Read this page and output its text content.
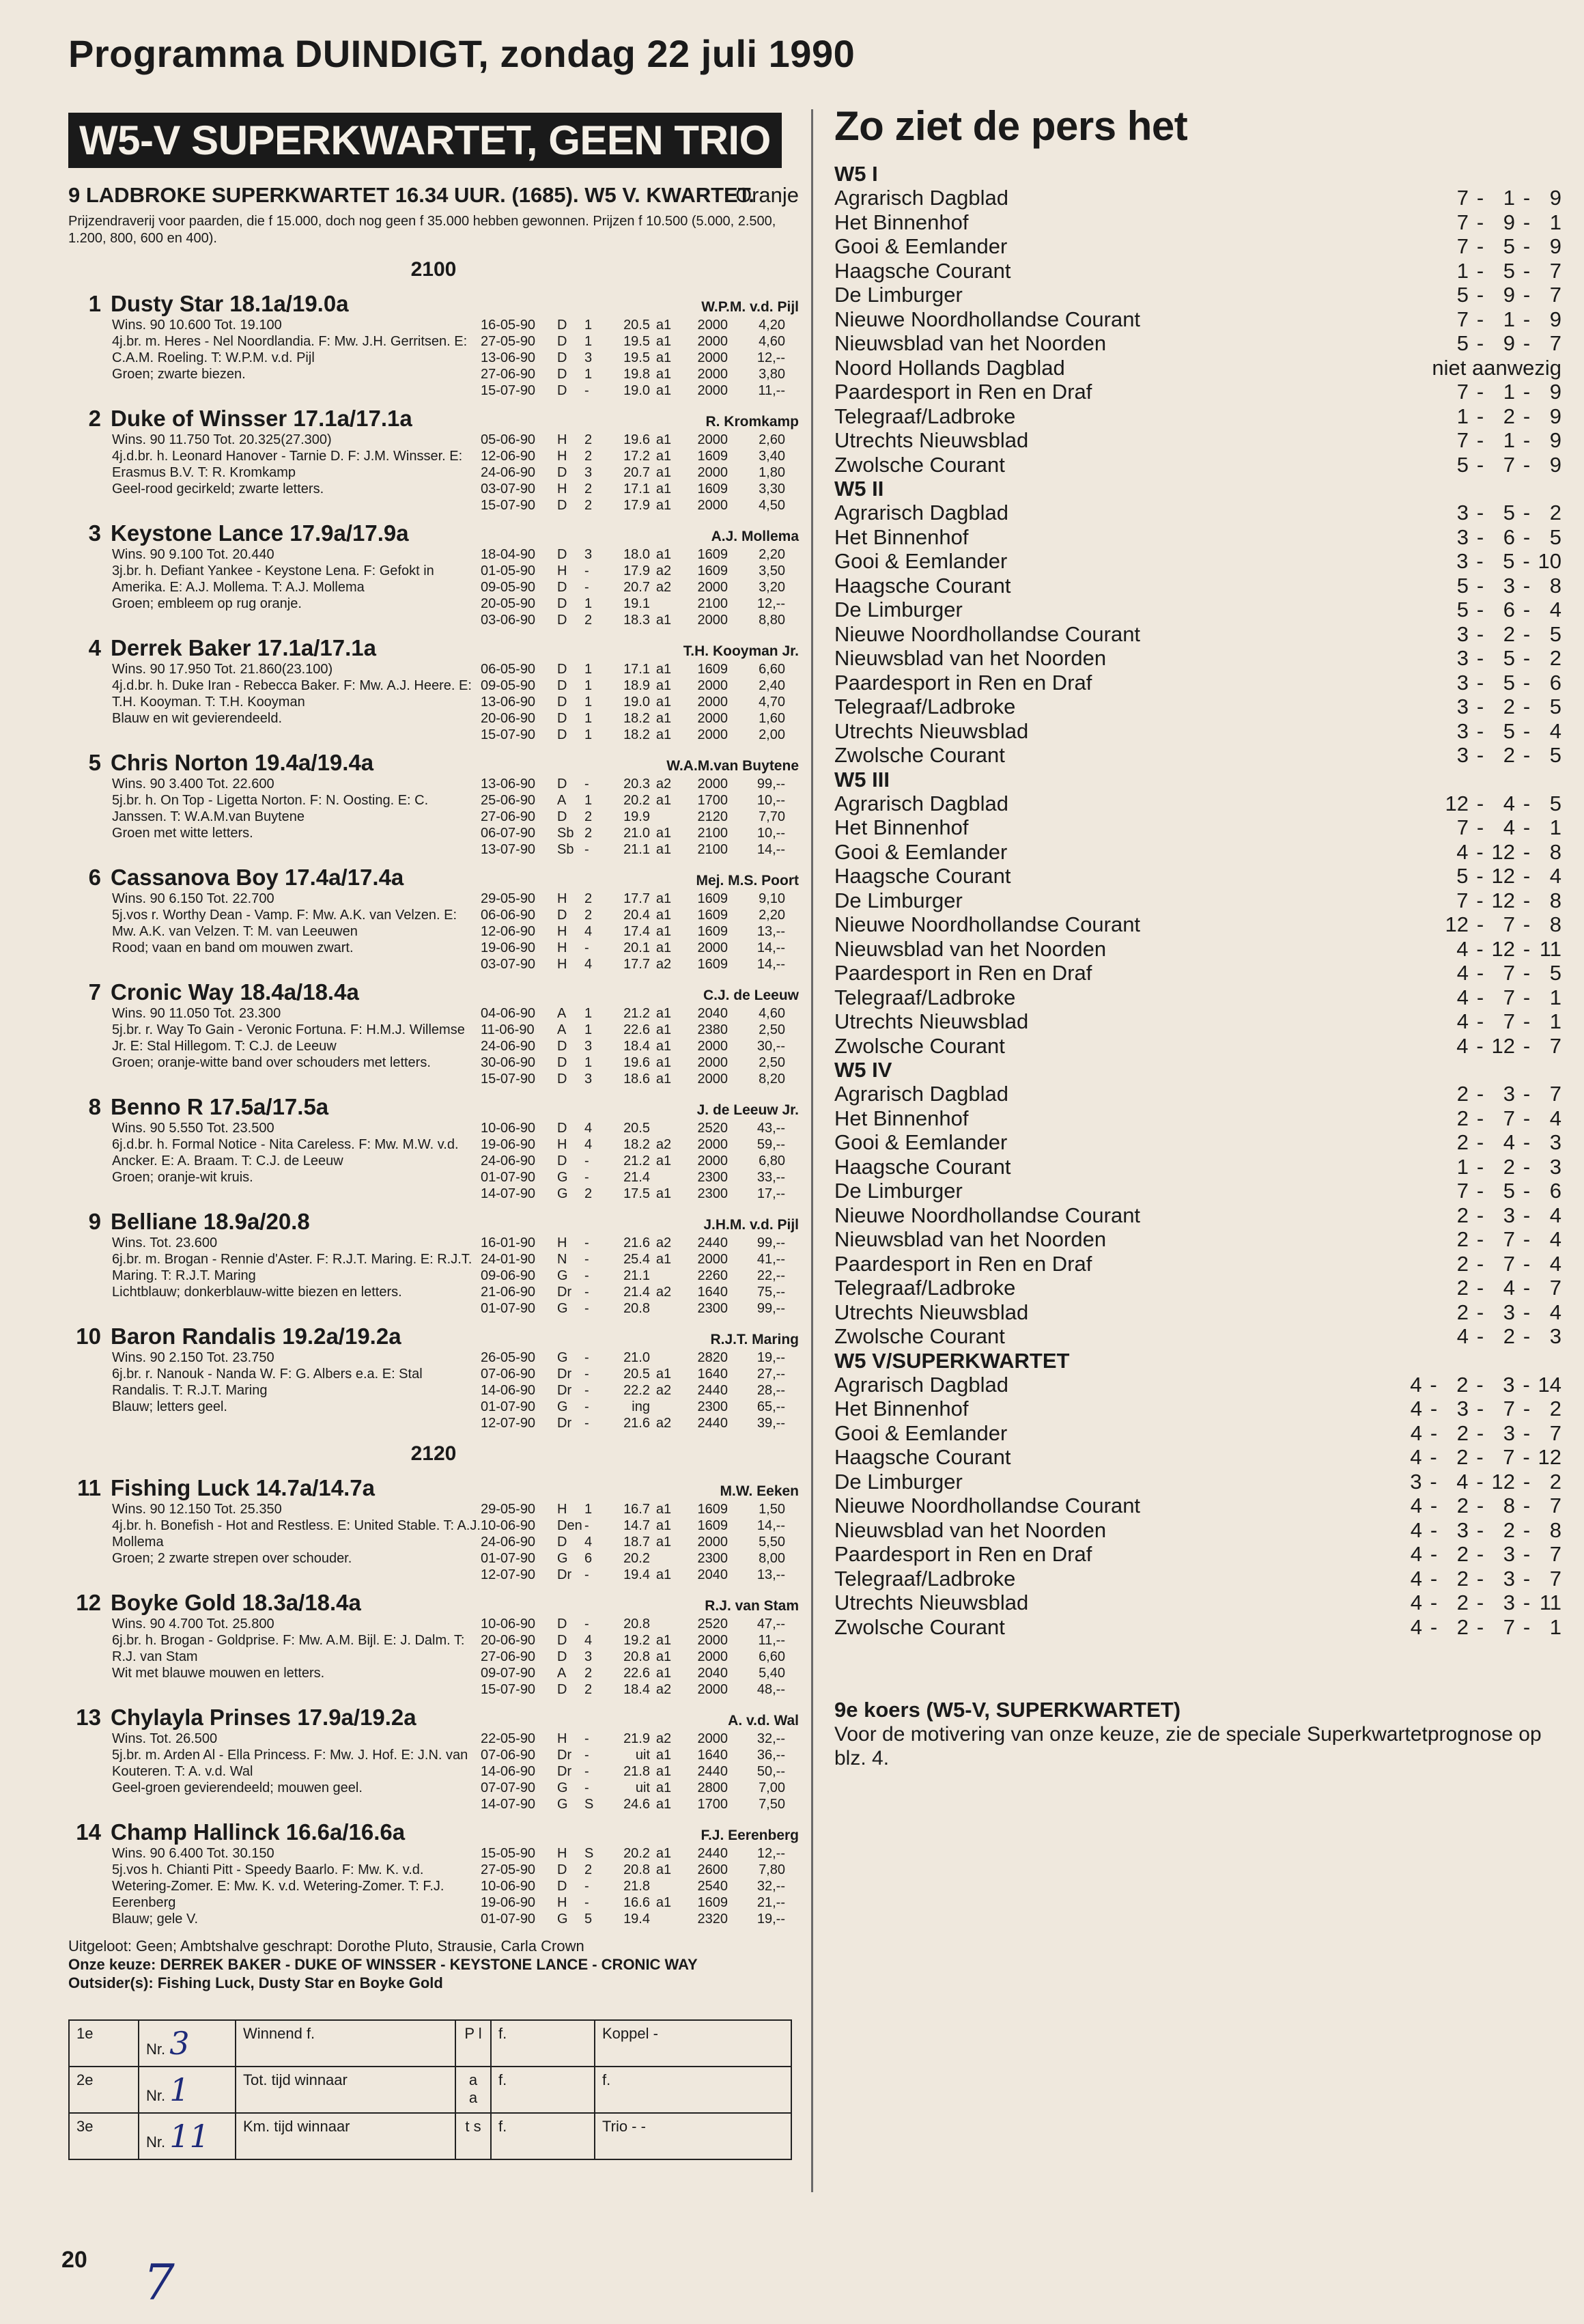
Programma DUINDIGT, zondag 22 juli 1990
W5-V SUPERKWARTET, GEEN TRIO
9 LADBROKE SUPERKWARTET 16.34 UUR. (1685). W5 V. KWARTET.
Oranje
Prijzendraverij voor paarden, die f 15.000, doch nog geen f 35.000 hebben gewonnen. Prijzen f 10.500 (5.000, 2.500, 1.200, 800, 600 en 400).
2100
1 Dusty Star 18.1a/19.0a	W.P.M. v.d. Pijl
Wins. 90 10.600 Tot. 19.100
4j.br. m. Heres - Nel Noordlandia. F: Mw. J.H. Gerritsen. E: C.A.M. Roeling. T: W.P.M. v.d. Pijl
Groen; zwarte biezen.
16-05-90	D	1	20.5 a1	2000	4,20
27-05-90	D	1	19.5 a1	2000	4,60
13-06-90	D	3	19.5 a1	2000	12,--
27-06-90	D	1	19.8 a1	2000	3,80
15-07-90	D	-	19.0 a1	2000	11,--
2 Duke of Winsser 17.1a/17.1a	R. Kromkamp
Wins. 90 11.750 Tot. 20.325(27.300)
4j.d.br. h. Leonard Hanover - Tarnie D. F: J.M. Winsser. E: Erasmus B.V. T: R. Kromkamp
Geel-rood gecirkeld; zwarte letters.
05-06-90	H	2	19.6 a1	2000	2,60
12-06-90	H	2	17.2 a1	1609	3,40
24-06-90	D	3	20.7 a1	2000	1,80
03-07-90	H	2	17.1 a1	1609	3,30
15-07-90	D	2	17.9 a1	2000	4,50
3 Keystone Lance 17.9a/17.9a	A.J. Mollema
Wins. 90 9.100 Tot. 20.440
3j.br. h. Defiant Yankee - Keystone Lena. F: Gefokt in Amerika. E: A.J. Mollema. T: A.J. Mollema
Groen; embleem op rug oranje.
18-04-90	D	3	18.0 a1	1609	2,20
01-05-90	H	-	17.9 a2	1609	3,50
09-05-90	D	-	20.7 a2	2000	3,20
20-05-90	D	1	19.1	2100	12,--
03-06-90	D	2	18.3 a1	2000	8,80
4 Derrek Baker 17.1a/17.1a	T.H. Kooyman Jr.
Wins. 90 17.950 Tot. 21.860(23.100)
4j.d.br. h. Duke Iran - Rebecca Baker. F: Mw. A.J. Heere. E: T.H. Kooyman. T: T.H. Kooyman
Blauw en wit gevierendeeld.
06-05-90	D	1	17.1 a1	1609	6,60
09-05-90	D	1	18.9 a1	2000	2,40
13-06-90	D	1	19.0 a1	2000	4,70
20-06-90	D	1	18.2 a1	2000	1,60
15-07-90	D	1	18.2 a1	2000	2,00
5 Chris Norton 19.4a/19.4a	W.A.M.van Buytene
Wins. 90 3.400 Tot. 22.600
5j.br. h. On Top - Ligetta Norton. F: N. Oosting. E: C. Janssen. T: W.A.M.van Buytene
Groen met witte letters.
13-06-90	D	-	20.3 a2	2000	99,--
25-06-90	A	1	20.2 a1	1700	10,--
27-06-90	D	2	19.9	2120	7,70
06-07-90	Sb 2	21.0 a1	2100	10,--
13-07-90	Sb -	21.1 a1	2100	14,--
6 Cassanova Boy 17.4a/17.4a	Mej. M.S. Poort
Wins. 90 6.150 Tot. 22.700
5j.vos r. Worthy Dean - Vamp. F: Mw. A.K. van Velzen. E: Mw. A.K. van Velzen. T: M. van Leeuwen
Rood; vaan en band om mouwen zwart.
29-05-90	H	2	17.7 a1	1609	9,10
06-06-90	D	2	20.4 a1	1609	2,20
12-06-90	H	4	17.4 a1	1609	13,--
19-06-90	H	-	20.1 a1	2000	14,--
03-07-90	H	4	17.7 a2	1609	14,--
7 Cronic Way 18.4a/18.4a	C.J. de Leeuw
Wins. 90 11.050 Tot. 23.300
5j.br. r. Way To Gain - Veronic Fortuna. F: H.M.J. Willemse Jr. E: Stal Hillegom. T: C.J. de Leeuw
Groen; oranje-witte band over schouders met letters.
04-06-90	A	1	21.2 a1	2040	4,60
11-06-90	A	1	22.6 a1	2380	2,50
24-06-90	D	3	18.4 a1	2000	30,--
30-06-90	D	1	19.6 a1	2000	2,50
15-07-90	D	3	18.6 a1	2000	8,20
8 Benno R 17.5a/17.5a	J. de Leeuw Jr.
Wins. 90 5.550 Tot. 23.500
6j.d.br. h. Formal Notice - Nita Careless. F: Mw. M.W. v.d. Ancker. E: A. Braam. T: C.J. de Leeuw
Groen; oranje-wit kruis.
10-06-90	D	4	20.5	2520	43,--
19-06-90	H	4	18.2 a2	2000	59,--
24-06-90	D	-	21.2 a1	2000	6,80
01-07-90	G	-	21.4	2300	33,--
14-07-90	G	2	17.5 a1	2300	17,--
9 Belliane 18.9a/20.8	J.H.M. v.d. Pijl
Wins. Tot. 23.600
6j.br. m. Brogan - Rennie d'Aster. F: R.J.T. Maring. E: R.J.T. Maring. T: R.J.T. Maring
Lichtblauw; donkerblauw-witte biezen en letters.
16-01-90	H	-	21.6 a2	2440	99,--
24-01-90	N	-	25.4 a1	2000	41,--
09-06-90	G	-	21.1	2260	22,--
21-06-90	Dr -	21.4 a2	1640	75,--
01-07-90	G	-	20.8	2300	99,--
10 Baron Randalis 19.2a/19.2a	R.J.T. Maring
Wins. 90 2.150 Tot. 23.750
6j.br. r. Nanouk - Nanda W. F: G. Albers e.a. E: Stal Randalis. T: R.J.T. Maring
Blauw; letters geel.
26-05-90	G	-	21.0	2820	19,--
07-06-90	Dr -	20.5 a1	1640	27,--
14-06-90	Dr -	22.2 a2	2440	28,--
01-07-90	G	-	ing	2300	65,--
12-07-90	Dr -	21.6 a2	2440	39,--
2120
11 Fishing Luck 14.7a/14.7a	M.W. Eeken
Wins. 90 12.150 Tot. 25.350
4j.br. h. Bonefish - Hot and Restless. E: United Stable. T: A.J. Mollema
Groen; 2 zwarte strepen over schouder.
29-05-90	H	1	16.7 a1	1609	1,50
10-06-90	Den -	14.7 a1	1609	14,--
24-06-90	D	4	18.7 a1	2000	5,50
01-07-90	G	6	20.2	2300	8,00
12-07-90	Dr -	19.4 a1	2040	13,--
12 Boyke Gold 18.3a/18.4a	R.J. van Stam
Wins. 90 4.700 Tot. 25.800
6j.br. h. Brogan - Goldprise. F: Mw. A.M. Bijl. E: J. Dalm. T: R.J. van Stam
Wit met blauwe mouwen en letters.
10-06-90	D	-	20.8	2520	47,--
20-06-90	D	4	19.2 a1	2000	11,--
27-06-90	D	3	20.8 a1	2000	6,60
09-07-90	A	2	22.6 a1	2040	5,40
15-07-90	D	2	18.4 a2	2000	48,--
13 Chylayla Prinses 17.9a/19.2a	A. v.d. Wal
Wins. Tot. 26.500
5j.br. m. Arden Al - Ella Princess. F: Mw. J. Hof. E: J.N. van Kouteren. T: A. v.d. Wal
Geel-groen gevierendeeld; mouwen geel.
22-05-90	H	-	21.9 a2	2000	32,--
07-06-90	Dr -	uit a1	1640	36,--
14-06-90	Dr -	21.8 a1	2440	50,--
07-07-90	G	-	uit a1	2800	7,00
14-07-90	G	S	24.6 a1	1700	7,50
14 Champ Hallinck 16.6a/16.6a	F.J. Eerenberg
Wins. 90 6.400 Tot. 30.150
5j.vos h. Chianti Pitt - Speedy Baarlo. F: Mw. K. v.d. Wetering-Zomer. E: Mw. K. v.d. Wetering-Zomer. T: F.J. Eerenberg
Blauw; gele V.
15-05-90	H	S	20.2 a1	2440	12,--
27-05-90	D	2	20.8 a1	2600	7,80
10-06-90	D	-	21.8	2540	32,--
19-06-90	H	-	16.6 a1	1609	21,--
01-07-90	G	5	19.4	2320	19,--
Uitgeloot: Geen; Ambtshalve geschrapt: Dorothe Pluto, Strausie, Carla Crown
Onze keuze: DERREK BAKER - DUKE OF WINSSER - KEYSTONE LANCE - CRONIC WAY
Outsider(s): Fishing Luck, Dusty Star en Boyke Gold
1e	Nr. 3	Winnend f.	P l	f.	Koppel -
2e	Nr. 1	Tot. tijd winnaar	a a	f.	f.
3e	Nr. 11	Km. tijd winnaar	t s	f.	Trio - -
Zo ziet de pers het
W5 I
Agrarisch Dagblad	7 - 1 - 9
Het Binnenhof	7 - 9 - 1
Gooi & Eemlander	7 - 5 - 9
Haagsche Courant	1 - 5 - 7
De Limburger	5 - 9 - 7
Nieuwe Noordhollandse Courant	7 - 1 - 9
Nieuwsblad van het Noorden	5 - 9 - 7
Noord Hollands Dagblad	niet aanwezig
Paardesport in Ren en Draf	7 - 1 - 9
Telegraaf/Ladbroke	1 - 2 - 9
Utrechts Nieuwsblad	7 - 1 - 9
Zwolsche Courant	5 - 7 - 9
W5 II
Agrarisch Dagblad	3 - 5 - 2
Het Binnenhof	3 - 6 - 5
Gooi & Eemlander	3 - 5 - 10
Haagsche Courant	5 - 3 - 8
De Limburger	5 - 6 - 4
Nieuwe Noordhollandse Courant	3 - 2 - 5
Nieuwsblad van het Noorden	3 - 5 - 2
Paardesport in Ren en Draf	3 - 5 - 6
Telegraaf/Ladbroke	3 - 2 - 5
Utrechts Nieuwsblad	3 - 5 - 4
Zwolsche Courant	3 - 2 - 5
W5 III
Agrarisch Dagblad	12 - 4 - 5
Het Binnenhof	7 - 4 - 1
Gooi & Eemlander	4 - 12 - 8
Haagsche Courant	5 - 12 - 4
De Limburger	7 - 12 - 8
Nieuwe Noordhollandse Courant	12 - 7 - 8
Nieuwsblad van het Noorden	4 - 12 - 11
Paardesport in Ren en Draf	4 - 7 - 5
Telegraaf/Ladbroke	4 - 7 - 1
Utrechts Nieuwsblad	4 - 7 - 1
Zwolsche Courant	4 - 12 - 7
W5 IV
Agrarisch Dagblad	2 - 3 - 7
Het Binnenhof	2 - 7 - 4
Gooi & Eemlander	2 - 4 - 3
Haagsche Courant	1 - 2 - 3
De Limburger	7 - 5 - 6
Nieuwe Noordhollandse Courant	2 - 3 - 4
Nieuwsblad van het Noorden	2 - 7 - 4
Paardesport in Ren en Draf	2 - 7 - 4
Telegraaf/Ladbroke	2 - 4 - 7
Utrechts Nieuwsblad	2 - 3 - 4
Zwolsche Courant	4 - 2 - 3
W5 V/SUPERKWARTET
Agrarisch Dagblad	4 - 2 - 3 - 14
Het Binnenhof	4 - 3 - 7 - 2
Gooi & Eemlander	4 - 2 - 3 - 7
Haagsche Courant	4 - 2 - 7 - 12
De Limburger	3 - 4 - 12 - 2
Nieuwe Noordhollandse Courant	4 - 2 - 8 - 7
Nieuwsblad van het Noorden	4 - 3 - 2 - 8
Paardesport in Ren en Draf	4 - 2 - 3 - 7
Telegraaf/Ladbroke	4 - 2 - 3 - 7
Utrechts Nieuwsblad	4 - 2 - 3 - 11
Zwolsche Courant	4 - 2 - 7 - 1
9e koers (W5-V, SUPERKWARTET)
Voor de motivering van onze keuze, zie de speciale Superkwartetprognose op blz. 4.
20 7
